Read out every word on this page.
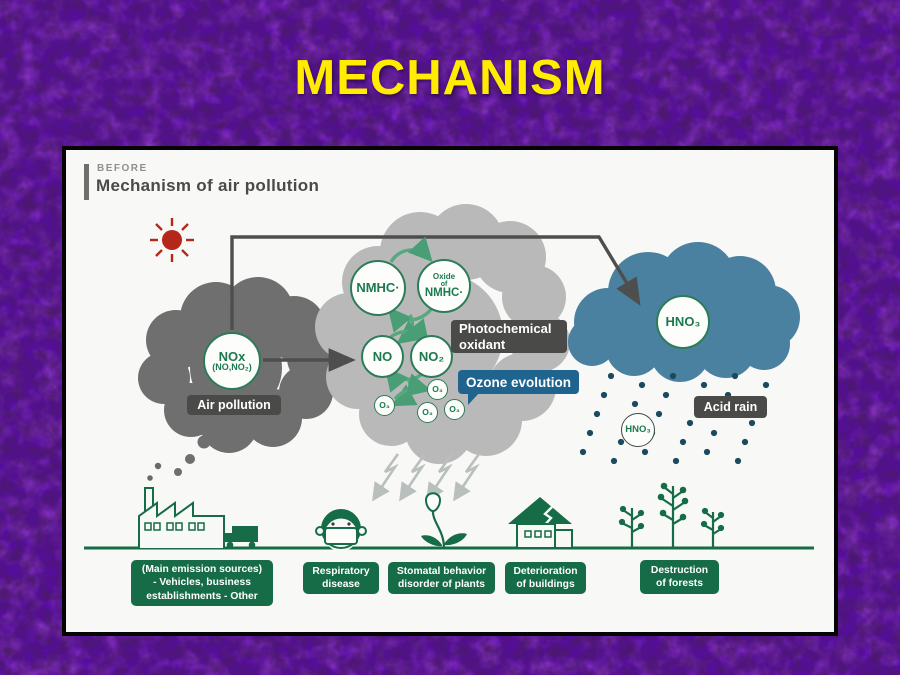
MECHANISM
BEFORE
Mechanism of air pollution
NOx
(NO,NO₂)
NMHC·
Oxide
of
NMHC·
NO NO₂
O₃
O₃
O₃ O₃
HNO₃
HNO₃
Air pollution
Photochemical
oxidant
Ozone evolution
Acid rain
(Main emission sources)
- Vehicles, business
establishments - Other
Respiratory
disease
Stomatal behavior
disorder of plants
Deterioration
of buildings
Destruction
of forests
